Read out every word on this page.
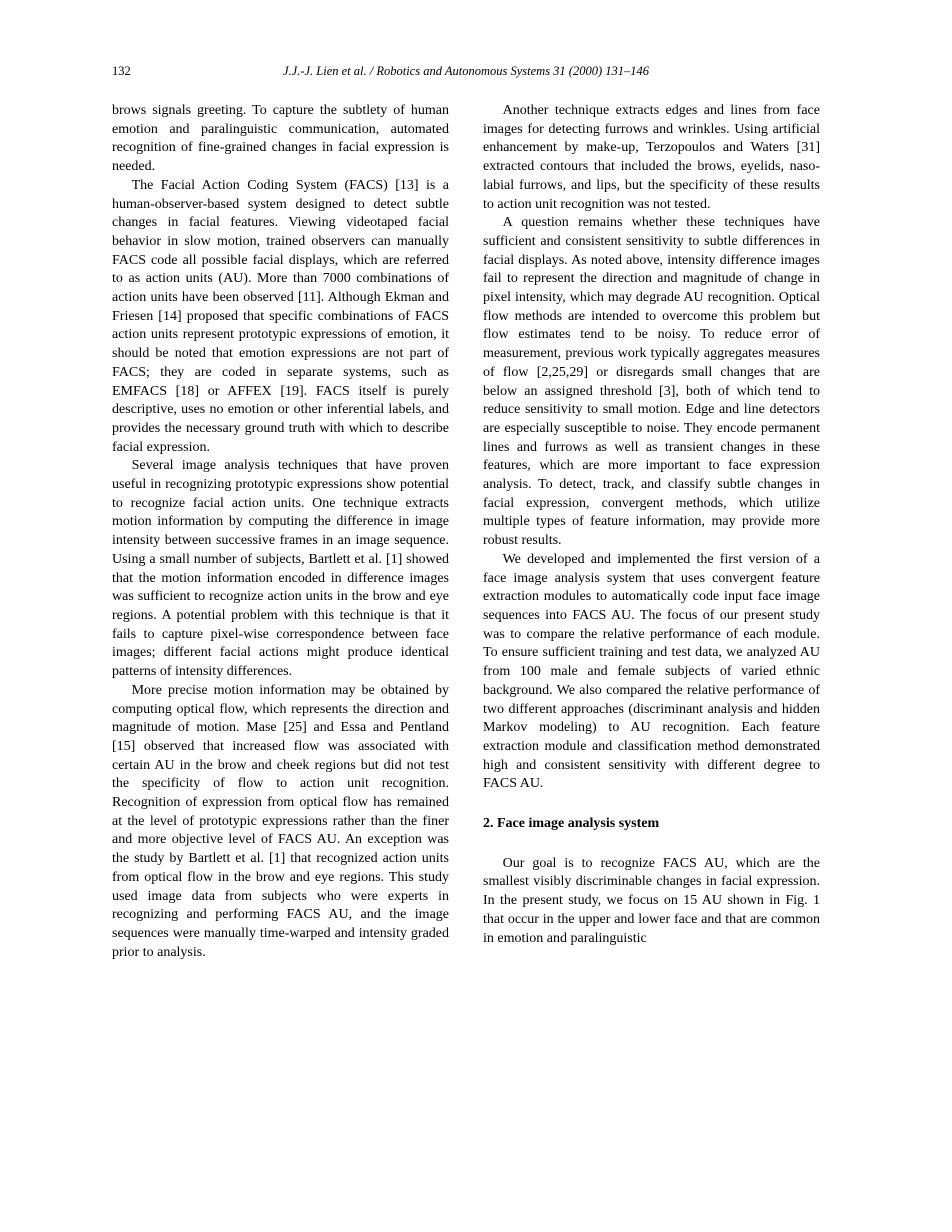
132	J.J.-J. Lien et al. / Robotics and Autonomous Systems 31 (2000) 131–146

brows signals greeting. To capture the subtlety of human emotion and paralinguistic communication, automated recognition of fine-grained changes in facial expression is needed.

The Facial Action Coding System (FACS) [13] is a human-observer-based system designed to detect subtle changes in facial features. Viewing videotaped facial behavior in slow motion, trained observers can manually FACS code all possible facial displays, which are referred to as action units (AU). More than 7000 combinations of action units have been observed [11]. Although Ekman and Friesen [14] proposed that specific combinations of FACS action units represent prototypic expressions of emotion, it should be noted that emotion expressions are not part of FACS; they are coded in separate systems, such as EMFACS [18] or AFFEX [19]. FACS itself is purely descriptive, uses no emotion or other inferential labels, and provides the necessary ground truth with which to describe facial expression.

Several image analysis techniques that have proven useful in recognizing prototypic expressions show potential to recognize facial action units. One technique extracts motion information by computing the difference in image intensity between successive frames in an image sequence. Using a small number of subjects, Bartlett et al. [1] showed that the motion information encoded in difference images was sufficient to recognize action units in the brow and eye regions. A potential problem with this technique is that it fails to capture pixel-wise correspondence between face images; different facial actions might produce identical patterns of intensity differences.

More precise motion information may be obtained by computing optical flow, which represents the direction and magnitude of motion. Mase [25] and Essa and Pentland [15] observed that increased flow was associated with certain AU in the brow and cheek regions but did not test the specificity of flow to action unit recognition. Recognition of expression from optical flow has remained at the level of prototypic expressions rather than the finer and more objective level of FACS AU. An exception was the study by Bartlett et al. [1] that recognized action units from optical flow in the brow and eye regions. This study used image data from subjects who were experts in recognizing and performing FACS AU, and the image sequences were manually time-warped and intensity graded prior to analysis.

Another technique extracts edges and lines from face images for detecting furrows and wrinkles. Using artificial enhancement by make-up, Terzopoulos and Waters [31] extracted contours that included the brows, eyelids, naso-labial furrows, and lips, but the specificity of these results to action unit recognition was not tested.

A question remains whether these techniques have sufficient and consistent sensitivity to subtle differences in facial displays. As noted above, intensity difference images fail to represent the direction and magnitude of change in pixel intensity, which may degrade AU recognition. Optical flow methods are intended to overcome this problem but flow estimates tend to be noisy. To reduce error of measurement, previous work typically aggregates measures of flow [2,25,29] or disregards small changes that are below an assigned threshold [3], both of which tend to reduce sensitivity to small motion. Edge and line detectors are especially susceptible to noise. They encode permanent lines and furrows as well as transient changes in these features, which are more important to face expression analysis. To detect, track, and classify subtle changes in facial expression, convergent methods, which utilize multiple types of feature information, may provide more robust results.

We developed and implemented the first version of a face image analysis system that uses convergent feature extraction modules to automatically code input face image sequences into FACS AU. The focus of our present study was to compare the relative performance of each module. To ensure sufficient training and test data, we analyzed AU from 100 male and female subjects of varied ethnic background. We also compared the relative performance of two different approaches (discriminant analysis and hidden Markov modeling) to AU recognition. Each feature extraction module and classification method demonstrated high and consistent sensitivity with different degree to FACS AU.

2. Face image analysis system

Our goal is to recognize FACS AU, which are the smallest visibly discriminable changes in facial expression. In the present study, we focus on 15 AU shown in Fig. 1 that occur in the upper and lower face and that are common in emotion and paralinguistic
